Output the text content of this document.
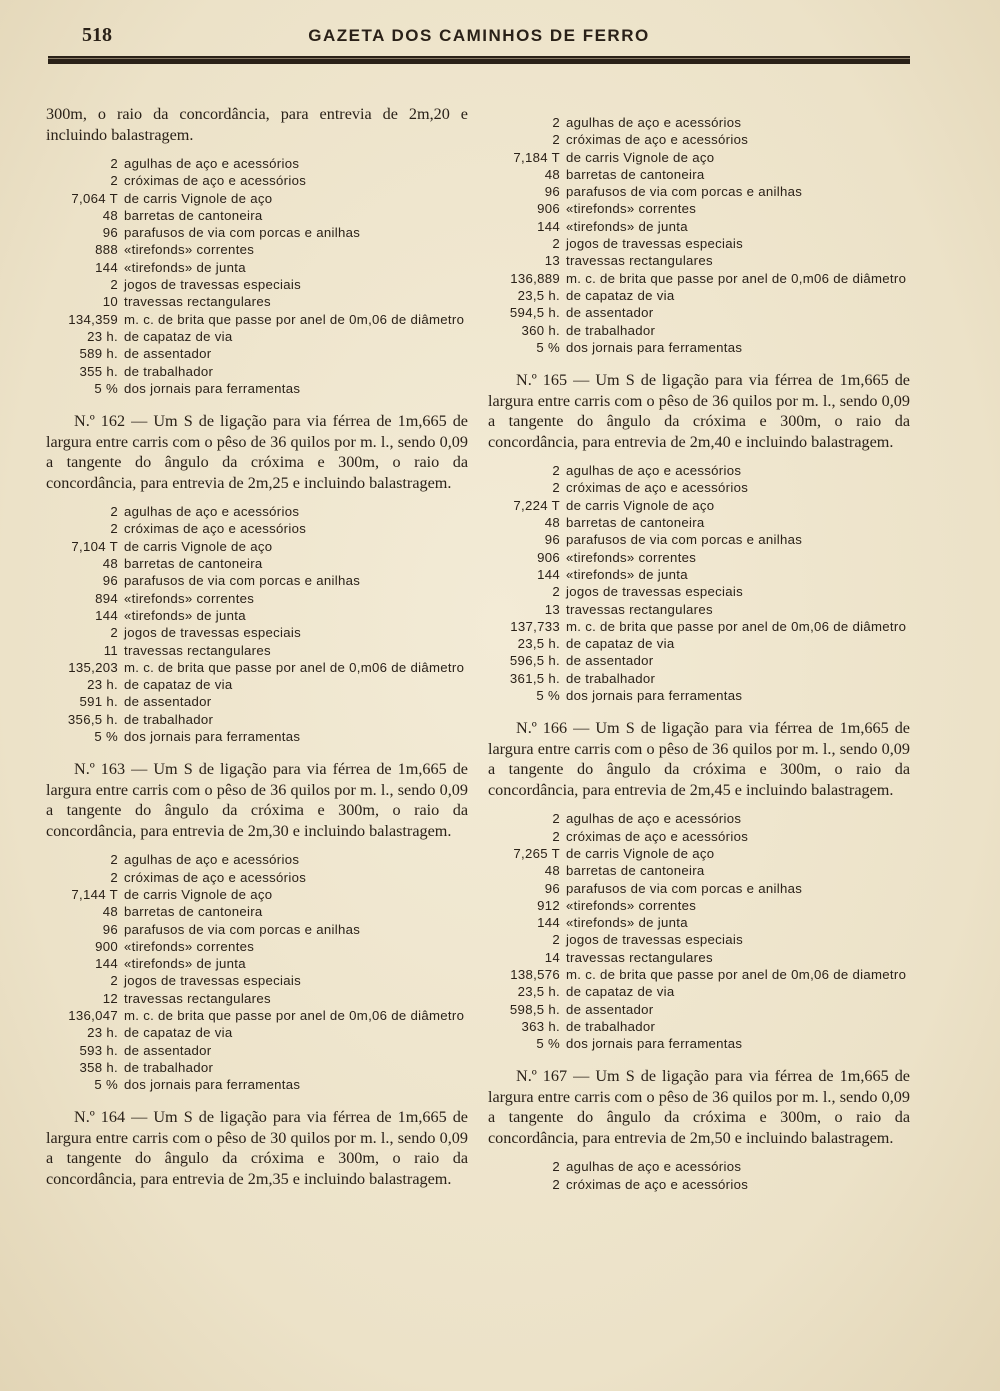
518	GAZETA DOS CAMINHOS DE FERRO

300m, o raio da concordância, para entrevia de 2m,20 e incluindo balastragem.

2 agulhas de aço e acessórios
2 cróximas de aço e acessórios
7,064 T de carris Vignole de aço
48 barretas de cantoneira
96 parafusos de via com porcas e anilhas
888 «tirefonds» correntes
144 «tirefonds» de junta
2 jogos de travessas especiais
10 travessas rectangulares
134,359 m. c. de brita que passe por anel de 0m,06 de diâmetro
23 h. de capataz de via
589 h. de assentador
355 h. de trabalhador
5 % dos jornais para ferramentas

N.º 162 — Um S de ligação para via férrea de 1m,665 de largura entre carris com o pêso de 36 quilos por m. l., sendo 0,09 a tangente do ângulo da cróxima e 300m, o raio da concordância, para entrevia de 2m,25 e incluindo balastragem.

2 agulhas de aço e acessórios
2 cróximas de aço e acessórios
7,104 T de carris Vignole de aço
48 barretas de cantoneira
96 parafusos de via com porcas e anilhas
894 «tirefonds» correntes
144 «tirefonds» de junta
2 jogos de travessas especiais
11 travessas rectangulares
135,203 m. c. de brita que passe por anel de 0,m06 de diâmetro
23 h. de capataz de via
591 h. de assentador
356,5 h. de trabalhador
5 % dos jornais para ferramentas

N.º 163 — Um S de ligação para via férrea de 1m,665 de largura entre carris com o pêso de 36 quilos por m. l., sendo 0,09 a tangente do ângulo da cróxima e 300m, o raio da concordância, para entrevia de 2m,30 e incluindo balastragem.

2 agulhas de aço e acessórios
2 cróximas de aço e acessórios
7,144 T de carris Vignole de aço
48 barretas de cantoneira
96 parafusos de via com porcas e anilhas
900 «tirefonds» correntes
144 «tirefonds» de junta
2 jogos de travessas especiais
12 travessas rectangulares
136,047 m. c. de brita que passe por anel de 0m,06 de diâmetro
23 h. de capataz de via
593 h. de assentador
358 h. de trabalhador
5 % dos jornais para ferramentas

N.º 164 — Um S de ligação para via férrea de 1m,665 de largura entre carris com o pêso de 30 quilos por m. l., sendo 0,09 a tangente do ângulo da cróxima e 300m, o raio da concordância, para entrevia de 2m,35 e incluindo balastragem.

2 agulhas de aço e acessórios
2 cróximas de aço e acessórios
7,184 T de carris Vignole de aço
48 barretas de cantoneira
96 parafusos de via com porcas e anilhas
906 «tirefonds» correntes
144 «tirefonds» de junta
2 jogos de travessas especiais
13 travessas rectangulares
136,889 m. c. de brita que passe por anel de 0,m06 de diâmetro
23,5 h. de capataz de via
594,5 h. de assentador
360 h. de trabalhador
5 % dos jornais para ferramentas

N.º 165 — Um S de ligação para via férrea de 1m,665 de largura entre carris com o pêso de 36 quilos por m. l., sendo 0,09 a tangente do ângulo da cróxima e 300m, o raio da concordância, para entrevia de 2m,40 e incluindo balastragem.

2 agulhas de aço e acessórios
2 cróximas de aço e acessórios
7,224 T de carris Vignole de aço
48 barretas de cantoneira
96 parafusos de via com porcas e anilhas
906 «tirefonds» correntes
144 «tirefonds» de junta
2 jogos de travessas especiais
13 travessas rectangulares
137,733 m. c. de brita que passe por anel de 0m,06 de diâmetro
23,5 h. de capataz de via
596,5 h. de assentador
361,5 h. de trabalhador
5 % dos jornais para ferramentas

N.º 166 — Um S de ligação para via férrea de 1m,665 de largura entre carris com o pêso de 36 quilos por m. l., sendo 0,09 a tangente do ângulo da cróxima e 300m, o raio da concordância, para entrevia de 2m,45 e incluindo balastragem.

2 agulhas de aço e acessórios
2 cróximas de aço e acessórios
7,265 T de carris Vignole de aço
48 barretas de cantoneira
96 parafusos de via com porcas e anilhas
912 «tirefonds» correntes
144 «tirefonds» de junta
2 jogos de travessas especiais
14 travessas rectangulares
138,576 m. c. de brita que passe por anel de 0m,06 de diametro
23,5 h. de capataz de via
598,5 h. de assentador
363 h. de trabalhador
5 % dos jornais para ferramentas

N.º 167 — Um S de ligação para via férrea de 1m,665 de largura entre carris com o pêso de 36 quilos por m. l., sendo 0,09 a tangente do ângulo da cróxima e 300m, o raio da concordância, para entrevia de 2m,50 e incluindo balastragem.

2 agulhas de aço e acessórios
2 cróximas de aço e acessórios
